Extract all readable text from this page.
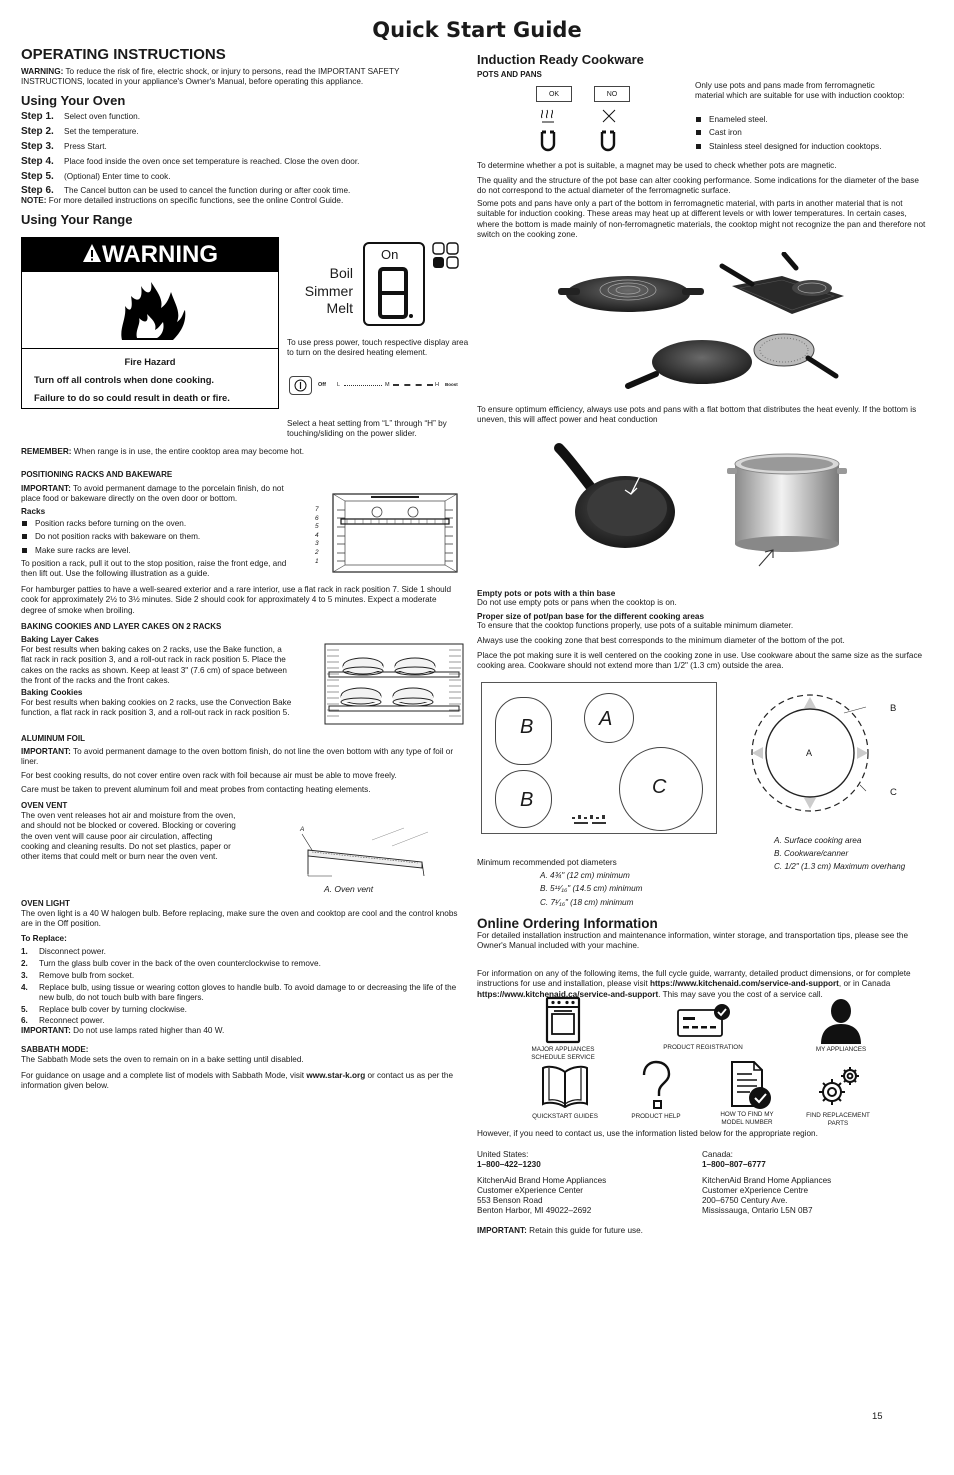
Quick Start Guide
OPERATING INSTRUCTIONS

WARNING: To reduce the risk of fire, electric shock, or injury to persons, read the IMPORTANT SAFETY INSTRUCTIONS, located in your appliance's Owner's Manual, before operating this appliance.

Using Your Oven
Step 1. Select oven function.
Step 2. Set the temperature.
Step 3. Press Start.
Step 4. Place food inside the oven once set temperature is reached. Close the oven door.
Step 5. (Optional) Enter time to cook.
Step 6. The Cancel button can be used to cancel the function during or after cook time.

NOTE: For more detailed instructions on specific functions, see the online Control Guide.

Using Your Range
WARNING
Fire Hazard
Turn off all controls when done cooking.
Failure to do so could result in death or fire.
Boil
Simmer
Melt
On

To use press power, touch respective display area to turn on the desired heating element.

Off L	M	H Boost

Select a heat setting from “L” through “H” by touching/sliding on the power slider.

REMEMBER: When range is in use, the entire cooktop area may become hot.

POSITIONING RACKS AND BAKEWARE

IMPORTANT: To avoid permanent damage to the porcelain finish, do not place food or bakeware directly on the oven door or bottom.

Racks
Position racks before turning on the oven.
Do not position racks with bakeware on them.
Make sure racks are level.

To position a rack, pull it out to the stop position, raise the front edge, and then lift out. Use the following illustration as a guide.

7
6
5
4
3
2
1

For hamburger patties to have a well-seared exterior and a rare interior, use a flat rack in rack position 7. Side 1 should cook for approximately 2½ to 3½ minutes. Side 2 should cook for approximately 4 to 5 minutes. Expect a moderate degree of smoke when broiling.

BAKING COOKIES AND LAYER CAKES ON 2 RACKS
Baking Layer Cakes

For best results when baking cakes on 2 racks, use the Bake function, a flat rack in rack position 3, and a roll-out rack in rack position 5. Place the cakes on the racks as shown. Keep at least 3" (7.6 cm) of space between the front of the racks and the front cakes.

Baking Cookies

For best results when baking cookies on 2 racks, use the Convection Bake function, a flat rack in rack position 3, and a roll-out rack in rack position 5.

ALUMINUM FOIL

IMPORTANT: To avoid permanent damage to the oven bottom finish, do not line the oven bottom with any type of foil or liner.

For best cooking results, do not cover entire oven rack with foil because air must be able to move freely.

Care must be taken to prevent aluminum foil and meat probes from contacting heating elements.

OVEN VENT

The oven vent releases hot air and moisture from the oven, and should not be blocked or covered. Blocking or covering the oven vent will cause poor air circulation, affecting cooking and cleaning results. Do not set plastics, paper or other items that could melt or burn near the oven vent.

A
A. Oven vent
OVEN LIGHT

The oven light is a 40 W halogen bulb. Before replacing, make sure the oven and cooktop are cool and the control knobs are in the Off position.

To Replace:
1. Disconnect power.
2. Turn the glass bulb cover in the back of the oven counterclockwise to remove.
3. Remove bulb from socket.
4. Replace bulb, using tissue or wearing cotton gloves to handle bulb. To avoid damage to or decreasing the life of the new bulb, do not touch bulb with bare fingers.
5. Replace bulb cover by turning clockwise.
6. Reconnect power.

IMPORTANT: Do not use lamps rated higher than 40 W.

SABBATH MODE:

The Sabbath Mode sets the oven to remain on in a bake setting until disabled.

For guidance on usage and a complete list of models with Sabbath Mode, visit www.star-k.org or contact us as per the information given below.

Induction Ready Cookware
POTS AND PANS
OK	NO

Only use pots and pans made from ferromagnetic material which are suitable for use with induction cooktop:

Enameled steel.
Cast iron
Stainless steel designed for induction cooktops.

To determine whether a pot is suitable, a magnet may be used to check whether pots are magnetic.

The quality and the structure of the pot base can alter cooking performance. Some indications for the diameter of the base do not correspond to the actual diameter of the ferromagnetic surface.

Some pots and pans have only a part of the bottom in ferromagnetic material, with parts in another material that is not suitable for induction cooking. These areas may heat up at different levels or with lower temperatures. In certain cases, where the bottom is made mainly of non-ferromagnetic materials, the cooktop might not recognize the pan and therefore not switch on the cooking zone.

To ensure optimum efficiency, always use pots and pans with a flat bottom that distributes the heat evenly. If the bottom is uneven, this will affect power and heat conduction

Empty pots or pots with a thin base

Do not use empty pots or pans when the cooktop is on.

Proper size of pot/pan base for the different cooking areas

To ensure that the cooktop functions properly, use pots of a suitable minimum diameter.

Always use the cooking zone that best corresponds to the minimum diameter of the bottom of the pot.

Place the pot making sure it is well centered on the cooking zone in use. Use cookware about the same size as the surface cooking area. Cookware should not extend more than 1/2" (1.3 cm) outside the area.

B
B
A
C
A
B
C
A. Surface cooking area
B. Cookware/canner
C. 1/2" (1.3 cm) Maximum overhang

Minimum recommended pot diameters

A. 4¾" (12 cm) minimum
B. 5¹¹⁄₁₆" (14.5 cm) minimum
C. 7¹⁄₁₆" (18 cm) minimum
Online Ordering Information

For detailed installation instruction and maintenance information, winter storage, and transportation tips, please see the Owner's Manual included with your machine.

For information on any of the following items, the full cycle guide, warranty, detailed product dimensions, or for complete instructions for use and installation, please visit https://www.kitchenaid.com/service-and-support, or in Canada https://www.kitchenaid.ca/service-and-support. This may save you the cost of a service call.

MAJOR APPLIANCES SCHEDULE SERVICE
PRODUCT REGISTRATION	MY APPLIANCES
QUICKSTART GUIDES	PRODUCT HELP	HOW TO FIND MY MODEL NUMBER
FIND REPLACEMENT PARTS

However, if you need to contact us, use the information listed below for the appropriate region.

United States:
1–800–422–1230
KitchenAid Brand Home Appliances
Customer eXperience Center
553 Benson Road
Benton Harbor, MI 49022–2692
Canada:
1–800–807–6777
KitchenAid Brand Home Appliances
Customer eXperience Centre
200–6750 Century Ave.
Mississauga, Ontario L5N 0B7

IMPORTANT: Retain this guide for future use.

15
